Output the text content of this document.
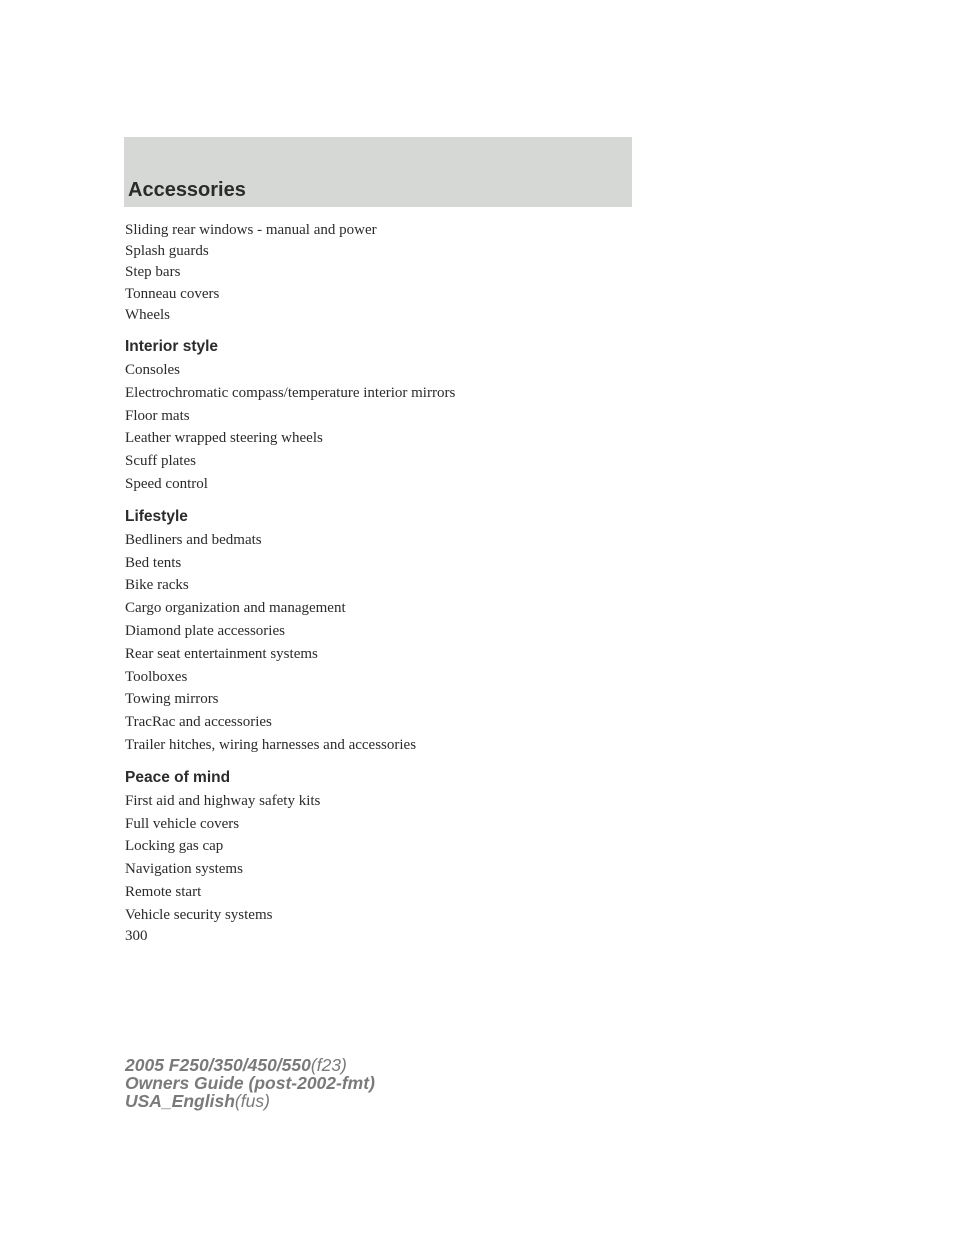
Accessories

Sliding rear windows - manual and power

Splash guards

Step bars

Tonneau covers

Wheels

Interior style

Consoles

Electrochromatic compass/temperature interior mirrors

Floor mats

Leather wrapped steering wheels

Scuff plates

Speed control

Lifestyle

Bedliners and bedmats

Bed tents

Bike racks

Cargo organization and management

Diamond plate accessories

Rear seat entertainment systems

Toolboxes

Towing mirrors

TracRac and accessories

Trailer hitches, wiring harnesses and accessories

Peace of mind

First aid and highway safety kits

Full vehicle covers

Locking gas cap

Navigation systems

Remote start

Vehicle security systems

300

2005 F250/350/450/550(f23)

Owners Guide (post-2002-fmt)

USA_English(fus)
